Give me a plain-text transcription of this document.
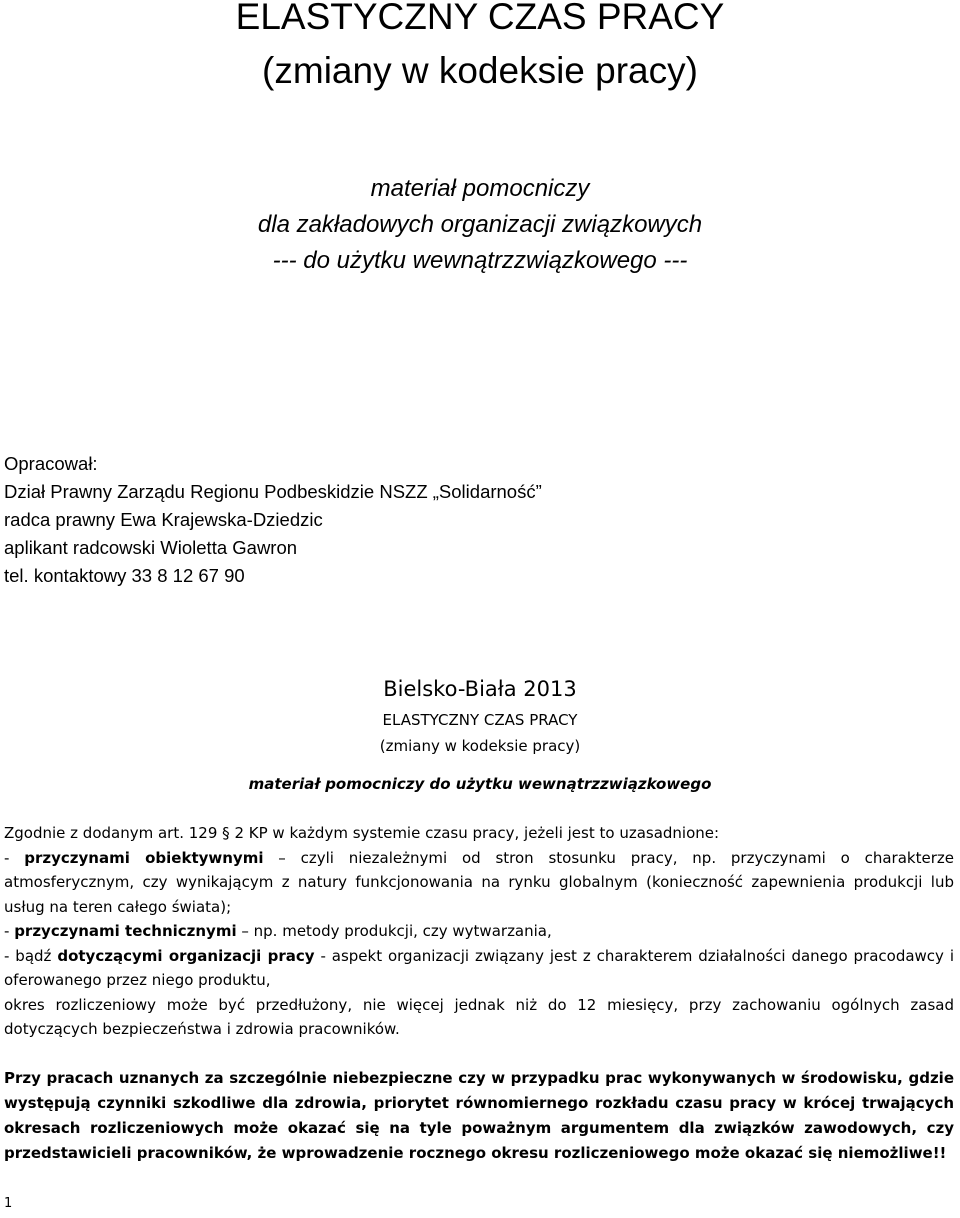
ELASTYCZNY CZAS PRACY
(zmiany w kodeksie pracy)
materiał pomocniczy
dla zakładowych organizacji związkowych
--- do użytku wewnątrzzwiązkowego ---
Opracował:
Dział Prawny Zarządu Regionu Podbeskidzie NSZZ „Solidarność”
radca prawny Ewa Krajewska-Dziedzic
aplikant radcowski Wioletta Gawron
tel. kontaktowy 33 8 12 67 90
Bielsko-Biała 2013
ELASTYCZNY CZAS PRACY
(zmiany w kodeksie pracy)
materiał pomocniczy do użytku wewnątrzzwiązkowego

Zgodnie z dodanym art. 129 § 2 KP w każdym systemie czasu pracy, jeżeli jest to uzasadnione:

- przyczynami obiektywnymi – czyli niezależnymi od stron stosunku pracy, np. przyczynami o charakterze atmosferycznym, czy wynikającym z natury funkcjonowania na rynku globalnym (konieczność zapewnienia produkcji lub usług na teren całego świata);

- przyczynami technicznymi – np. metody produkcji, czy wytwarzania,

- bądź dotyczącymi organizacji pracy - aspekt organizacji związany jest z charakterem działalności danego pracodawcy i oferowanego przez niego produktu,

okres rozliczeniowy może być przedłużony, nie więcej jednak niż do 12 miesięcy, przy zachowaniu ogólnych zasad dotyczących bezpieczeństwa i zdrowia pracowników.

Przy pracach uznanych za szczególnie niebezpieczne czy w przypadku prac wykonywanych w środowisku, gdzie występują czynniki szkodliwe dla zdrowia, priorytet równomiernego rozkładu czasu pracy w krócej trwających okresach rozliczeniowych może okazać się na tyle poważnym argumentem dla związków zawodowych, czy przedstawicieli pracowników, że wprowadzenie rocznego okresu rozliczeniowego może okazać się niemożliwe!!

1
